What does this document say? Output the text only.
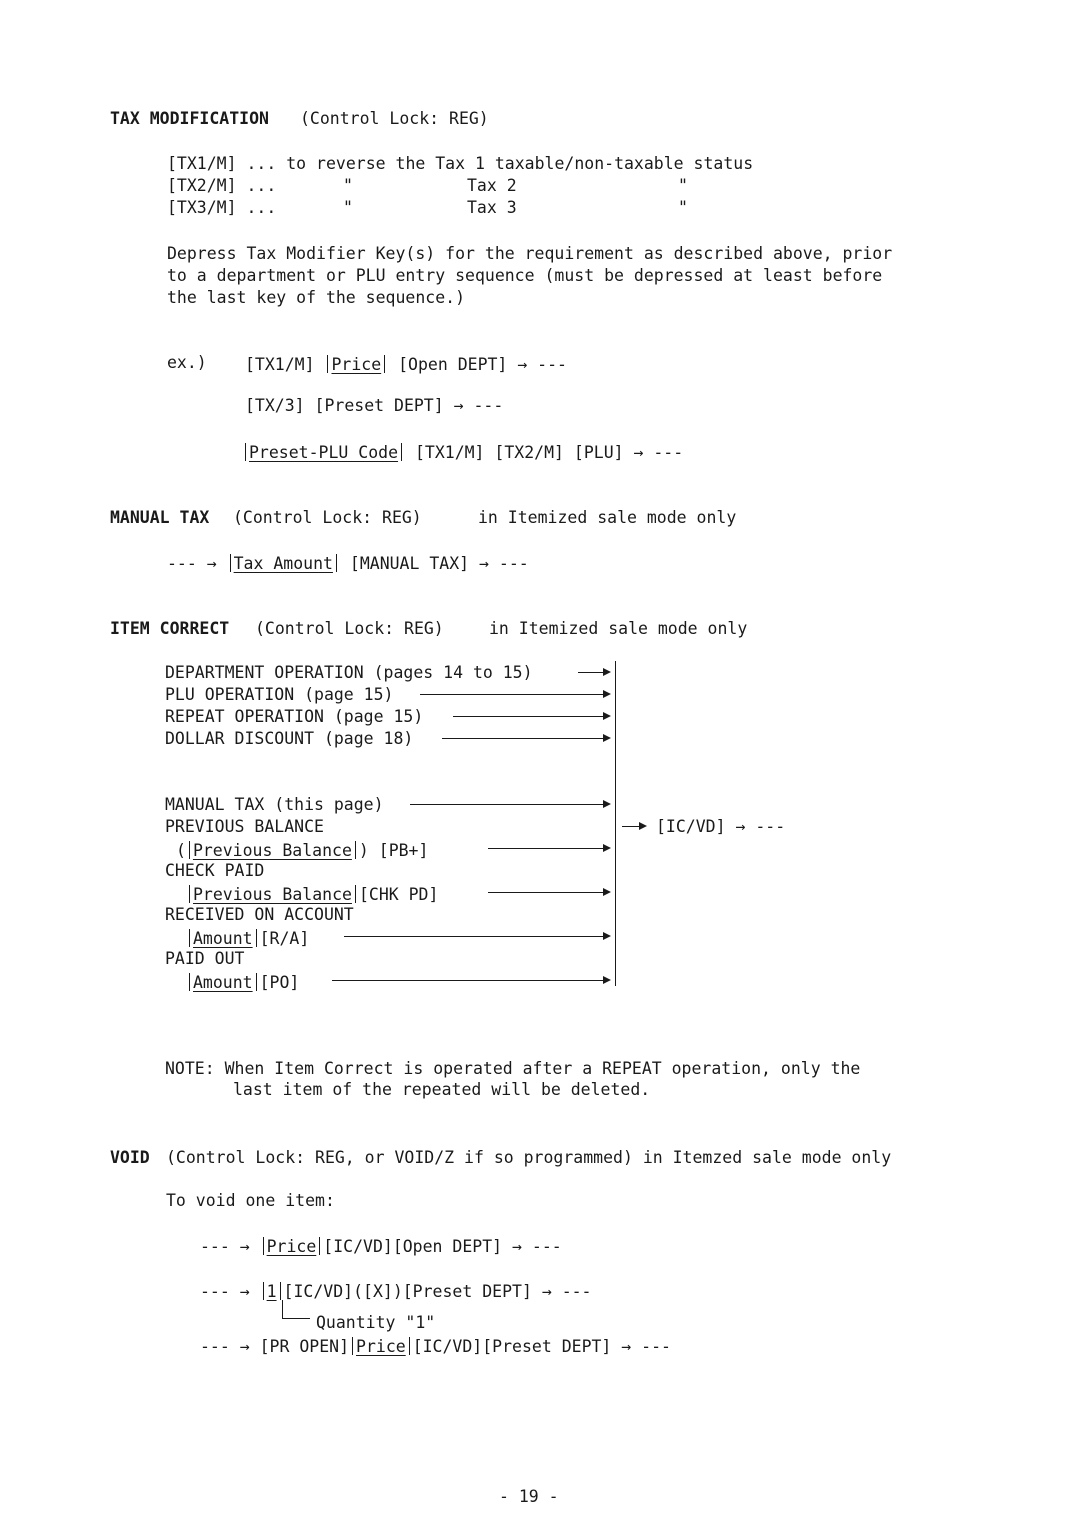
TAX MODIFICATION (Control Lock: REG)
[TX1/M] ... to reverse the Tax 1 taxable/non-taxable status
[TX2/M] ...	"	Tax 2	"
[TX3/M] ...	"	Tax 3	"
Depress Tax Modifier Key(s) for the requirement as described above, prior
to a department or PLU entry sequence (must be depressed at least before
the last key of the sequence.)
ex.) [TX1/M] Price [Open DEPT] → ---
[TX/3] [Preset DEPT] → ---
Preset-PLU Code [TX1/M] [TX2/M] [PLU] → ---
MANUAL TAX (Control Lock: REG)	in Itemized sale mode only
--- → Tax Amount [MANUAL TAX] → ---
ITEM CORRECT (Control Lock: REG)	in Itemized sale mode only
DEPARTMENT OPERATION (pages 14 to 15)
PLU OPERATION (page 15)
REPEAT OPERATION (page 15)
DOLLAR DISCOUNT (page 18)
MANUAL TAX (this page)
PREVIOUS BALANCE
( Previous Balance ) [PB+]
CHECK PAID
Previous Balance [CHK PD]
RECEIVED ON ACCOUNT
Amount [R/A]
PAID OUT
Amount [PO]
[IC/VD] → ---
NOTE: When Item Correct is operated after a REPEAT operation, only the
last item of the repeated will be deleted.
VOID (Control Lock: REG, or VOID/Z if so programmed) in Itemzed sale mode only
To void one item:
--- → Price [IC/VD][Open DEPT] → ---
--- → 1 [IC/VD]([X])[Preset DEPT] → ---
Quantity "1"
--- → [PR OPEN] Price [IC/VD][Preset DEPT] → ---
- 19 -
